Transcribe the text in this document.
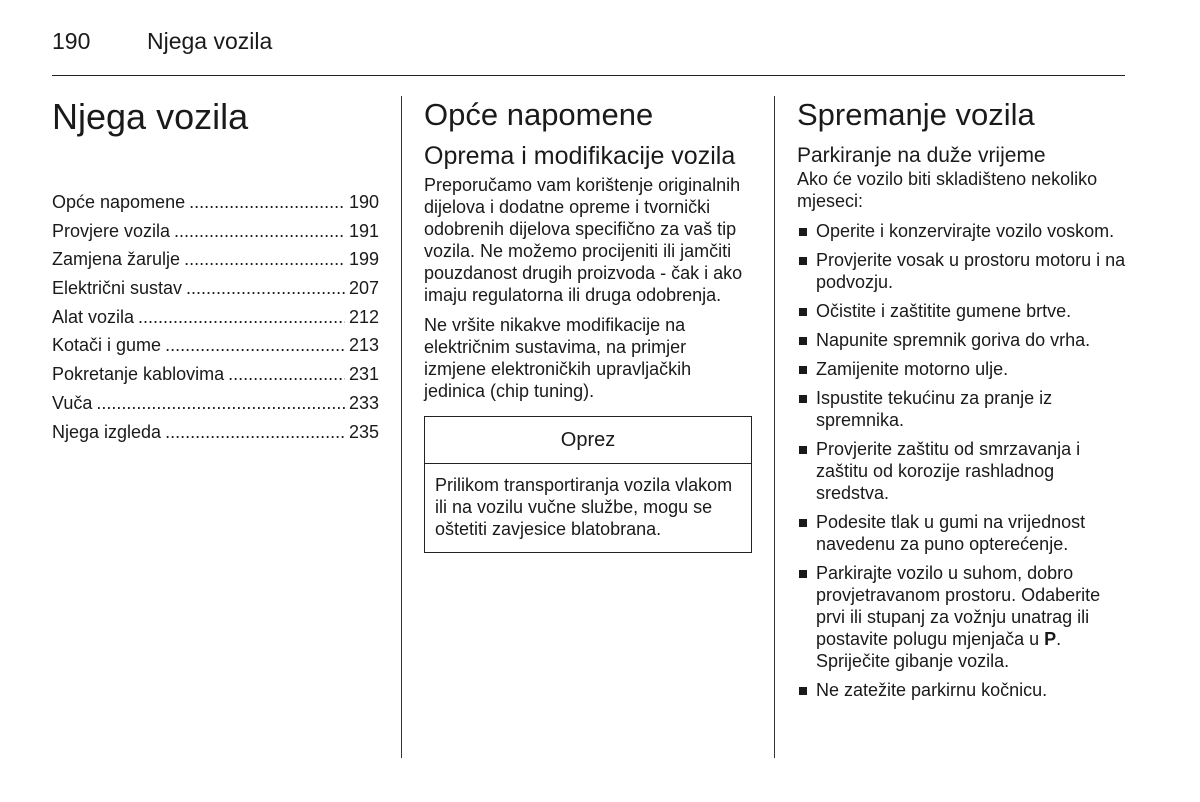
190	Njega vozila
Njega vozila
Opće napomene .....	190
Provjere vozila .....	191
Zamjena žarulje .....	199
Električni sustav .....	207
Alat vozila .....	212
Kotači i gume .....	213
Pokretanje kablovima .....	231
Vuča .....	233
Njega izgleda .....	235
Opće napomene
Oprema i modifikacije vozila

Preporučamo vam korištenje originalnih dijelova i dodatne opreme i tvornički odobrenih dijelova specifično za vaš tip vozila. Ne možemo procijeniti ili jamčiti pouzdanost drugih proizvoda - čak i ako imaju regulatorna ili druga odobrenja.

Ne vršite nikakve modifikacije na električnim sustavima, na primjer izmjene elektroničkih upravljačkih jedinica (chip tuning).

Oprez
Prilikom transportiranja vozila vlakom ili na vozilu vučne službe, mogu se oštetiti zavjesice blatobrana.
Spremanje vozila
Parkiranje na duže vrijeme

Ako će vozilo biti skladišteno nekoliko mjeseci:

Operite i konzervirajte vozilo voskom.
Provjerite vosak u prostoru motoru i na podvozju.
Očistite i zaštitite gumene brtve.
Napunite spremnik goriva do vrha.
Zamijenite motorno ulje.
Ispustite tekućinu za pranje iz spremnika.
Provjerite zaštitu od smrzavanja i zaštitu od korozije rashladnog sredstva.
Podesite tlak u gumi na vrijednost navedenu za puno opterećenje.
Parkirajte vozilo u suhom, dobro provjetravanom prostoru. Odaberite prvi ili stupanj za vožnju unatrag ili postavite polugu mjenjača u P. Spriječite gibanje vozila.
Ne zatežite parkirnu kočnicu.
